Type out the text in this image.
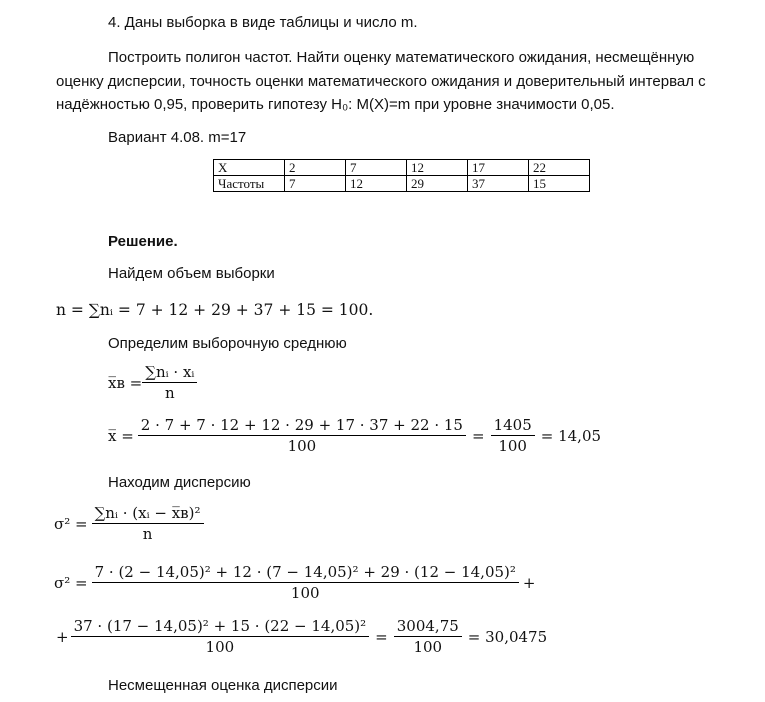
4. Даны выборка в виде таблицы и число m.
Построить полигон частот. Найти оценку математического ожидания, несмещённую
оценку дисперсии, точность оценки математического ожидания и доверительный интервал с
надёжностью 0,95, проверить гипотезу H₀: M(X)=m при уровне значимости 0,05.
Вариант 4.08. m=17
X	2	7	12	17	22
Частоты	7	12	29	37	15
Решение.
Найдем объем выборки
n = ∑nᵢ = 7 + 12 + 29 + 37 + 15 = 100.
Определим выборочную среднюю
x̅в = $\frac{\text{∑nᵢ · xᵢ}}{n}$
x̅ = $\frac{2 \cdot 7 + 7 \cdot 12 + 12 \cdot 29 + 17 \cdot 37 + 22 \cdot 15}{100} = \frac{1405}{100} = 14,05$
Находим дисперсию
$\sigma^2 = \frac{\text{∑nᵢ · (xᵢ − x̅в)²}}{n}$
$\sigma^2 = \frac{\text{7 · (2 − 14,05)² + 12 · (7 − 14,05)² + 29 · (12 − 14,05)²}}{100}$ +
+ $\frac{\text{37 · (17 − 14,05)² + 15 · (22 − 14,05)²}}{100} = \frac{3004,75}{100} = 30,0475$
Несмещенная оценка дисперсии
